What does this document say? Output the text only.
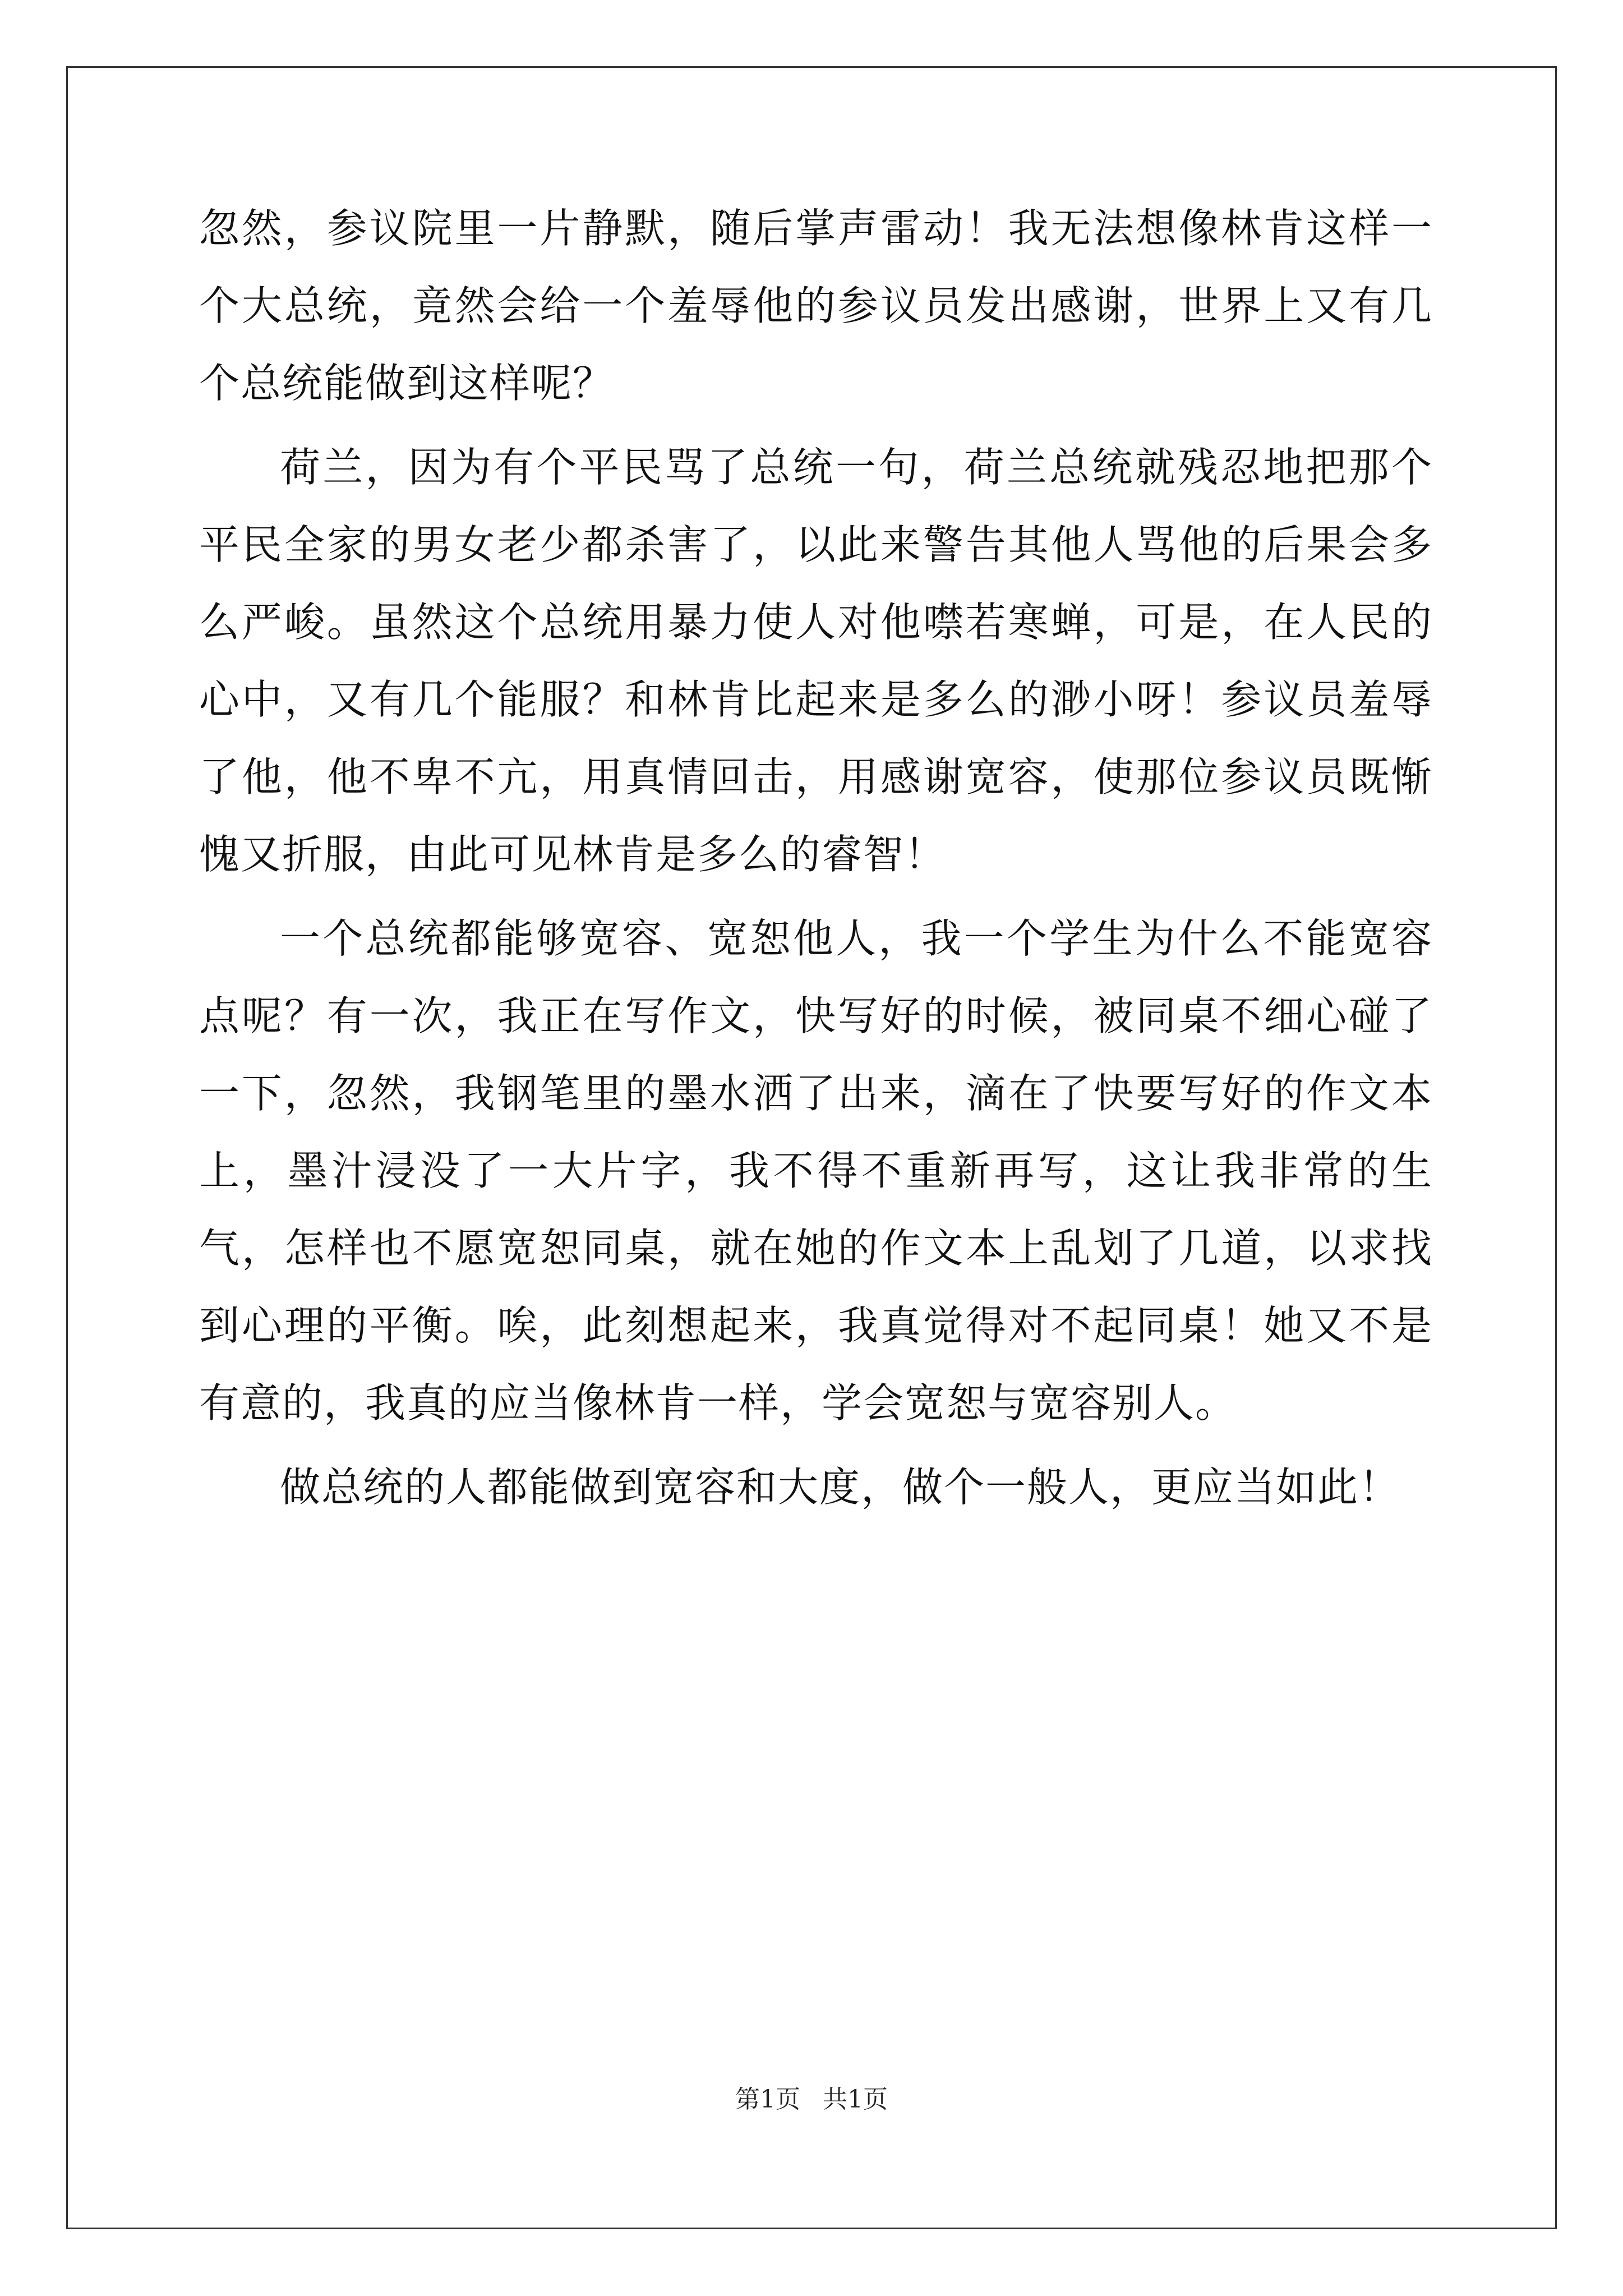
忽然，参议院里一片静默，随后掌声雷动！我无法想像林肯这样一个大总统，竟然会给一个羞辱他的参议员发出感谢，世界上又有几个总统能做到这样呢？

荷兰，因为有个平民骂了总统一句，荷兰总统就残忍地把那个平民全家的男女老少都杀害了，以此来警告其他人骂他的后果会多么严峻。虽然这个总统用暴力使人对他噤若寒蝉，可是，在人民的心中，又有几个能服？和林肯比起来是多么的渺小呀！参议员羞辱了他，他不卑不亢，用真情回击，用感谢宽容，使那位参议员既惭愧又折服，由此可见林肯是多么的睿智！

一个总统都能够宽容、宽恕他人，我一个学生为什么不能宽容点呢？有一次，我正在写作文，快写好的时候，被同桌不细心碰了一下，忽然，我钢笔里的墨水洒了出来，滴在了快要写好的作文本上，墨汁浸没了一大片字，我不得不重新再写，这让我非常的生气，怎样也不愿宽恕同桌，就在她的作文本上乱划了几道，以求找到心理的平衡。唉，此刻想起来，我真觉得对不起同桌！她又不是有意的，我真的应当像林肯一样，学会宽恕与宽容别人。

做总统的人都能做到宽容和大度，做个一般人，更应当如此！

第1页 共1页
